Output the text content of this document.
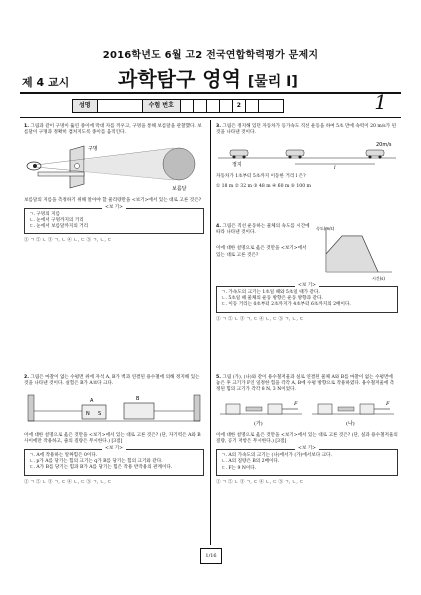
2016학년도 6월 고2 전국연합학력평가 문제지
제 4 교시 과학탐구 영역 [물리 I]
성명	수험 번호	2	1
1. 그림과 같이 구멍이 뚫린 종이에 막대 자를 끼우고, 구멍을 통해 보름달을 관찰했다. 보름달이 구멍과 정확히 겹쳐지도록 종이를 움직인다.
구멍
보름달
보름달의 지름을 측정하기 위해 알아야 할 물리량만을 <보기>에서 있는 대로 고른 것은?
<보 기>
ㄱ. 구멍의 지름
ㄴ. 눈에서 구멍까지의 거리
ㄷ. 눈에서 보름달까지의 거리
① ㄱ ② ㄴ ③ ㄱ, ㄴ ④ ㄴ, ㄷ ⑤ ㄱ, ㄴ, ㄷ
2. 그림은 마찰이 없는 수평면 위에 자석 A, B가 벽과 연결된 용수철에 의해 정지해 있는 것을 나타낸 것이다. 실험은 B가 A보다 크다.
A
N S
B
이에 대한 설명으로 옳은 것만을 <보기>에서 있는 대로 고른 것은? (단, 자기력은 A와 B 사이에만 작용하고, 줄의 질량은 무시한다.) [3점]
<보 기>
ㄱ. A에 작용하는 알짜힘은 0이다.
ㄴ. p가 A를 당기는 힘의 크기는 q가 B를 당기는 힘의 크기와 같다.
ㄷ. A가 B를 당기는 힘과 B가 A를 당기는 힘은 작용 반작용의 관계이다.
① ㄱ ② ㄴ ③ ㄱ, ㄷ ④ ㄴ, ㄷ ⑤ ㄱ, ㄴ, ㄷ
3. 그림은 정지해 있던 자동차가 등가속도 직선 운동을 하여 5초 만에 속력이 20 m/s가 된 것을 나타낸 것이다.
정지
20m/s
l
자동차가 1초부터 5초까지 이동한 거리 l 은?
① 18 m ② 32 m ③ 48 m ④ 60 m ⑤ 100 m
4. 그림은 직선 운동하는 물체의 속도를 시간에 따라 나타낸 것이다.
이에 대한 설명으로 옳은 것만을 <보기>에서 있는 대로 고른 것은?
속도(m/s)
시간(s)
<보 기>
ㄱ. 가속도의 크기는 1초일 때와 5초일 때가 같다.
ㄴ. 5초일 때 물체의 운동 방향은 운동 방향과 같다.
ㄷ. 이동 거리는 0초부터 2초까지가 4초부터 6초까지의 2배이다.
① ㄱ ② ㄴ ③ ㄱ, ㄷ ④ ㄴ, ㄷ ⑤ ㄱ, ㄴ, ㄷ
5. 그림 (가), (나)와 같이 용수철저울과 실로 연결된 물체 A와 B를 마찰이 없는 수평면에 놓은 후 크기가 F인 일정한 힘을 각각 A, B에 수평 방향으로 작용하였다. 용수철저울에 측정된 힘의 크기가 각각 8 N, 3 N이었다.
F
(가)
F
(나)
이에 대한 설명으로 옳은 것만을 <보기>에서 있는 대로 고른 것은? (단, 실과 용수철저울의 질량, 공기 저항은 무시한다.) [3점]
<보 기>
ㄱ. A의 가속도의 크기는 (나)에서가 (가)에서보다 크다.
ㄴ. A의 질량은 B의 2배이다.
ㄷ. F는 9 N이다.
① ㄱ ② ㄴ ③ ㄱ, ㄷ ④ ㄴ, ㄷ ⑤ ㄱ, ㄴ, ㄷ
1/16
